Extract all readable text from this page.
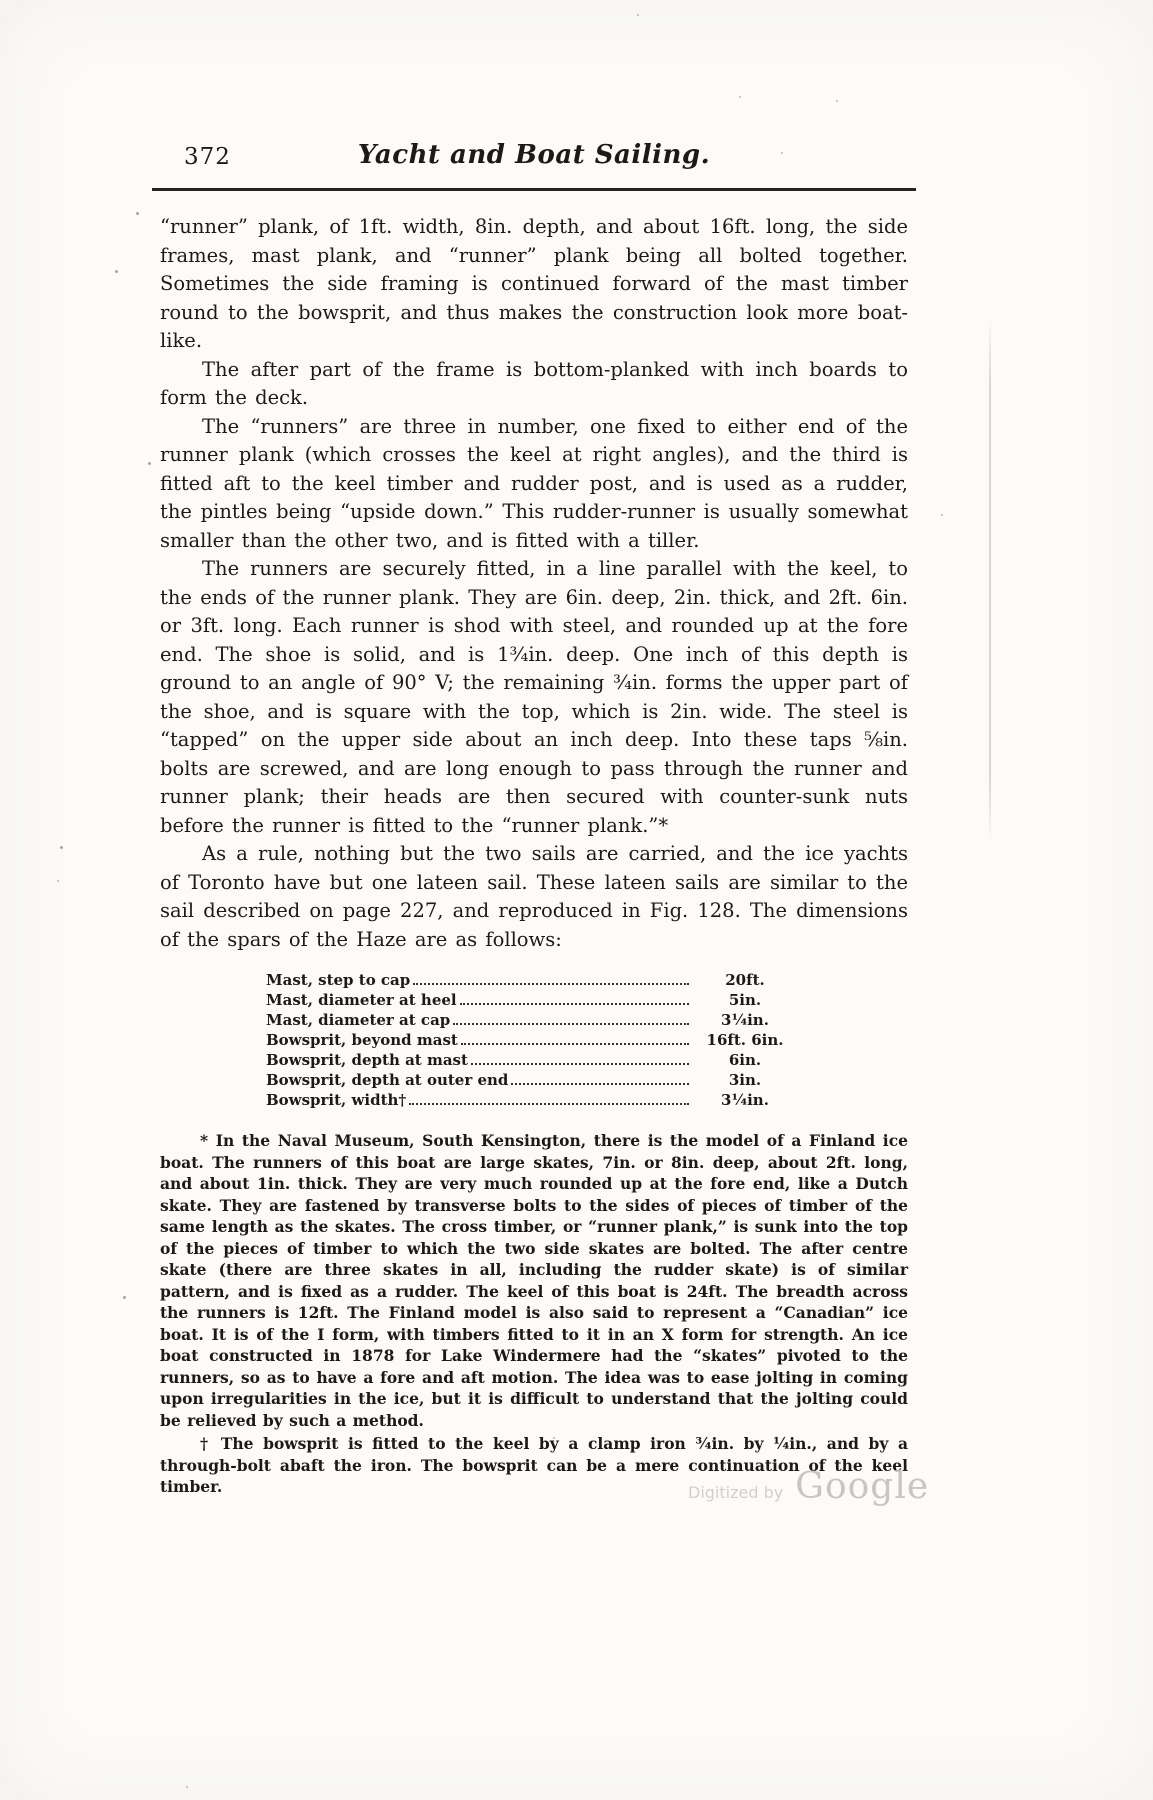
372	Yacht and Boat Sailing.

“runner” plank, of 1ft. width, 8in. depth, and about 16ft. long, the side frames, mast plank, and “runner” plank being all bolted together. Sometimes the side framing is continued forward of the mast timber round to the bowsprit, and thus makes the construction look more boat-like.

The after part of the frame is bottom-planked with inch boards to form the deck.

The “runners” are three in number, one fixed to either end of the runner plank (which crosses the keel at right angles), and the third is fitted aft to the keel timber and rudder post, and is used as a rudder, the pintles being “upside down.” This rudder-runner is usually somewhat smaller than the other two, and is fitted with a tiller.

The runners are securely fitted, in a line parallel with the keel, to the ends of the runner plank. They are 6in. deep, 2in. thick, and 2ft. 6in. or 3ft. long. Each runner is shod with steel, and rounded up at the fore end. The shoe is solid, and is 1¾in. deep. One inch of this depth is ground to an angle of 90° V; the remaining ¾in. forms the upper part of the shoe, and is square with the top, which is 2in. wide. The steel is “tapped” on the upper side about an inch deep. Into these taps ⅝in. bolts are screwed, and are long enough to pass through the runner and runner plank; their heads are then secured with counter-sunk nuts before the runner is fitted to the “runner plank.”*

As a rule, nothing but the two sails are carried, and the ice yachts of Toronto have but one lateen sail. These lateen sails are similar to the sail described on page 227, and reproduced in Fig. 128. The dimensions of the spars of the Haze are as follows:

Mast, step to cap	20ft.
Mast, diameter at heel	5in.
Mast, diameter at cap	3¼in.
Bowsprit, beyond mast	16ft. 6in.
Bowsprit, depth at mast	6in.
Bowsprit, depth at outer end	3in.
Bowsprit, width†	3¼in.

* In the Naval Museum, South Kensington, there is the model of a Finland ice boat. The runners of this boat are large skates, 7in. or 8in. deep, about 2ft. long, and about 1in. thick. They are very much rounded up at the fore end, like a Dutch skate. They are fastened by transverse bolts to the sides of pieces of timber of the same length as the skates. The cross timber, or “runner plank,” is sunk into the top of the pieces of timber to which the two side skates are bolted. The after centre skate (there are three skates in all, including the rudder skate) is of similar pattern, and is fixed as a rudder. The keel of this boat is 24ft. The breadth across the runners is 12ft. The Finland model is also said to represent a “Canadian” ice boat. It is of the I form, with timbers fitted to it in an X form for strength. An ice boat constructed in 1878 for Lake Windermere had the “skates” pivoted to the runners, so as to have a fore and aft motion. The idea was to ease jolting in coming upon irregularities in the ice, but it is difficult to understand that the jolting could be relieved by such a method.

† The bowsprit is fitted to the keel by a clamp iron ¾in. by ¼in., and by a through-bolt abaft the iron. The bowsprit can be a mere continuation of the keel timber.	Digitized by Google
